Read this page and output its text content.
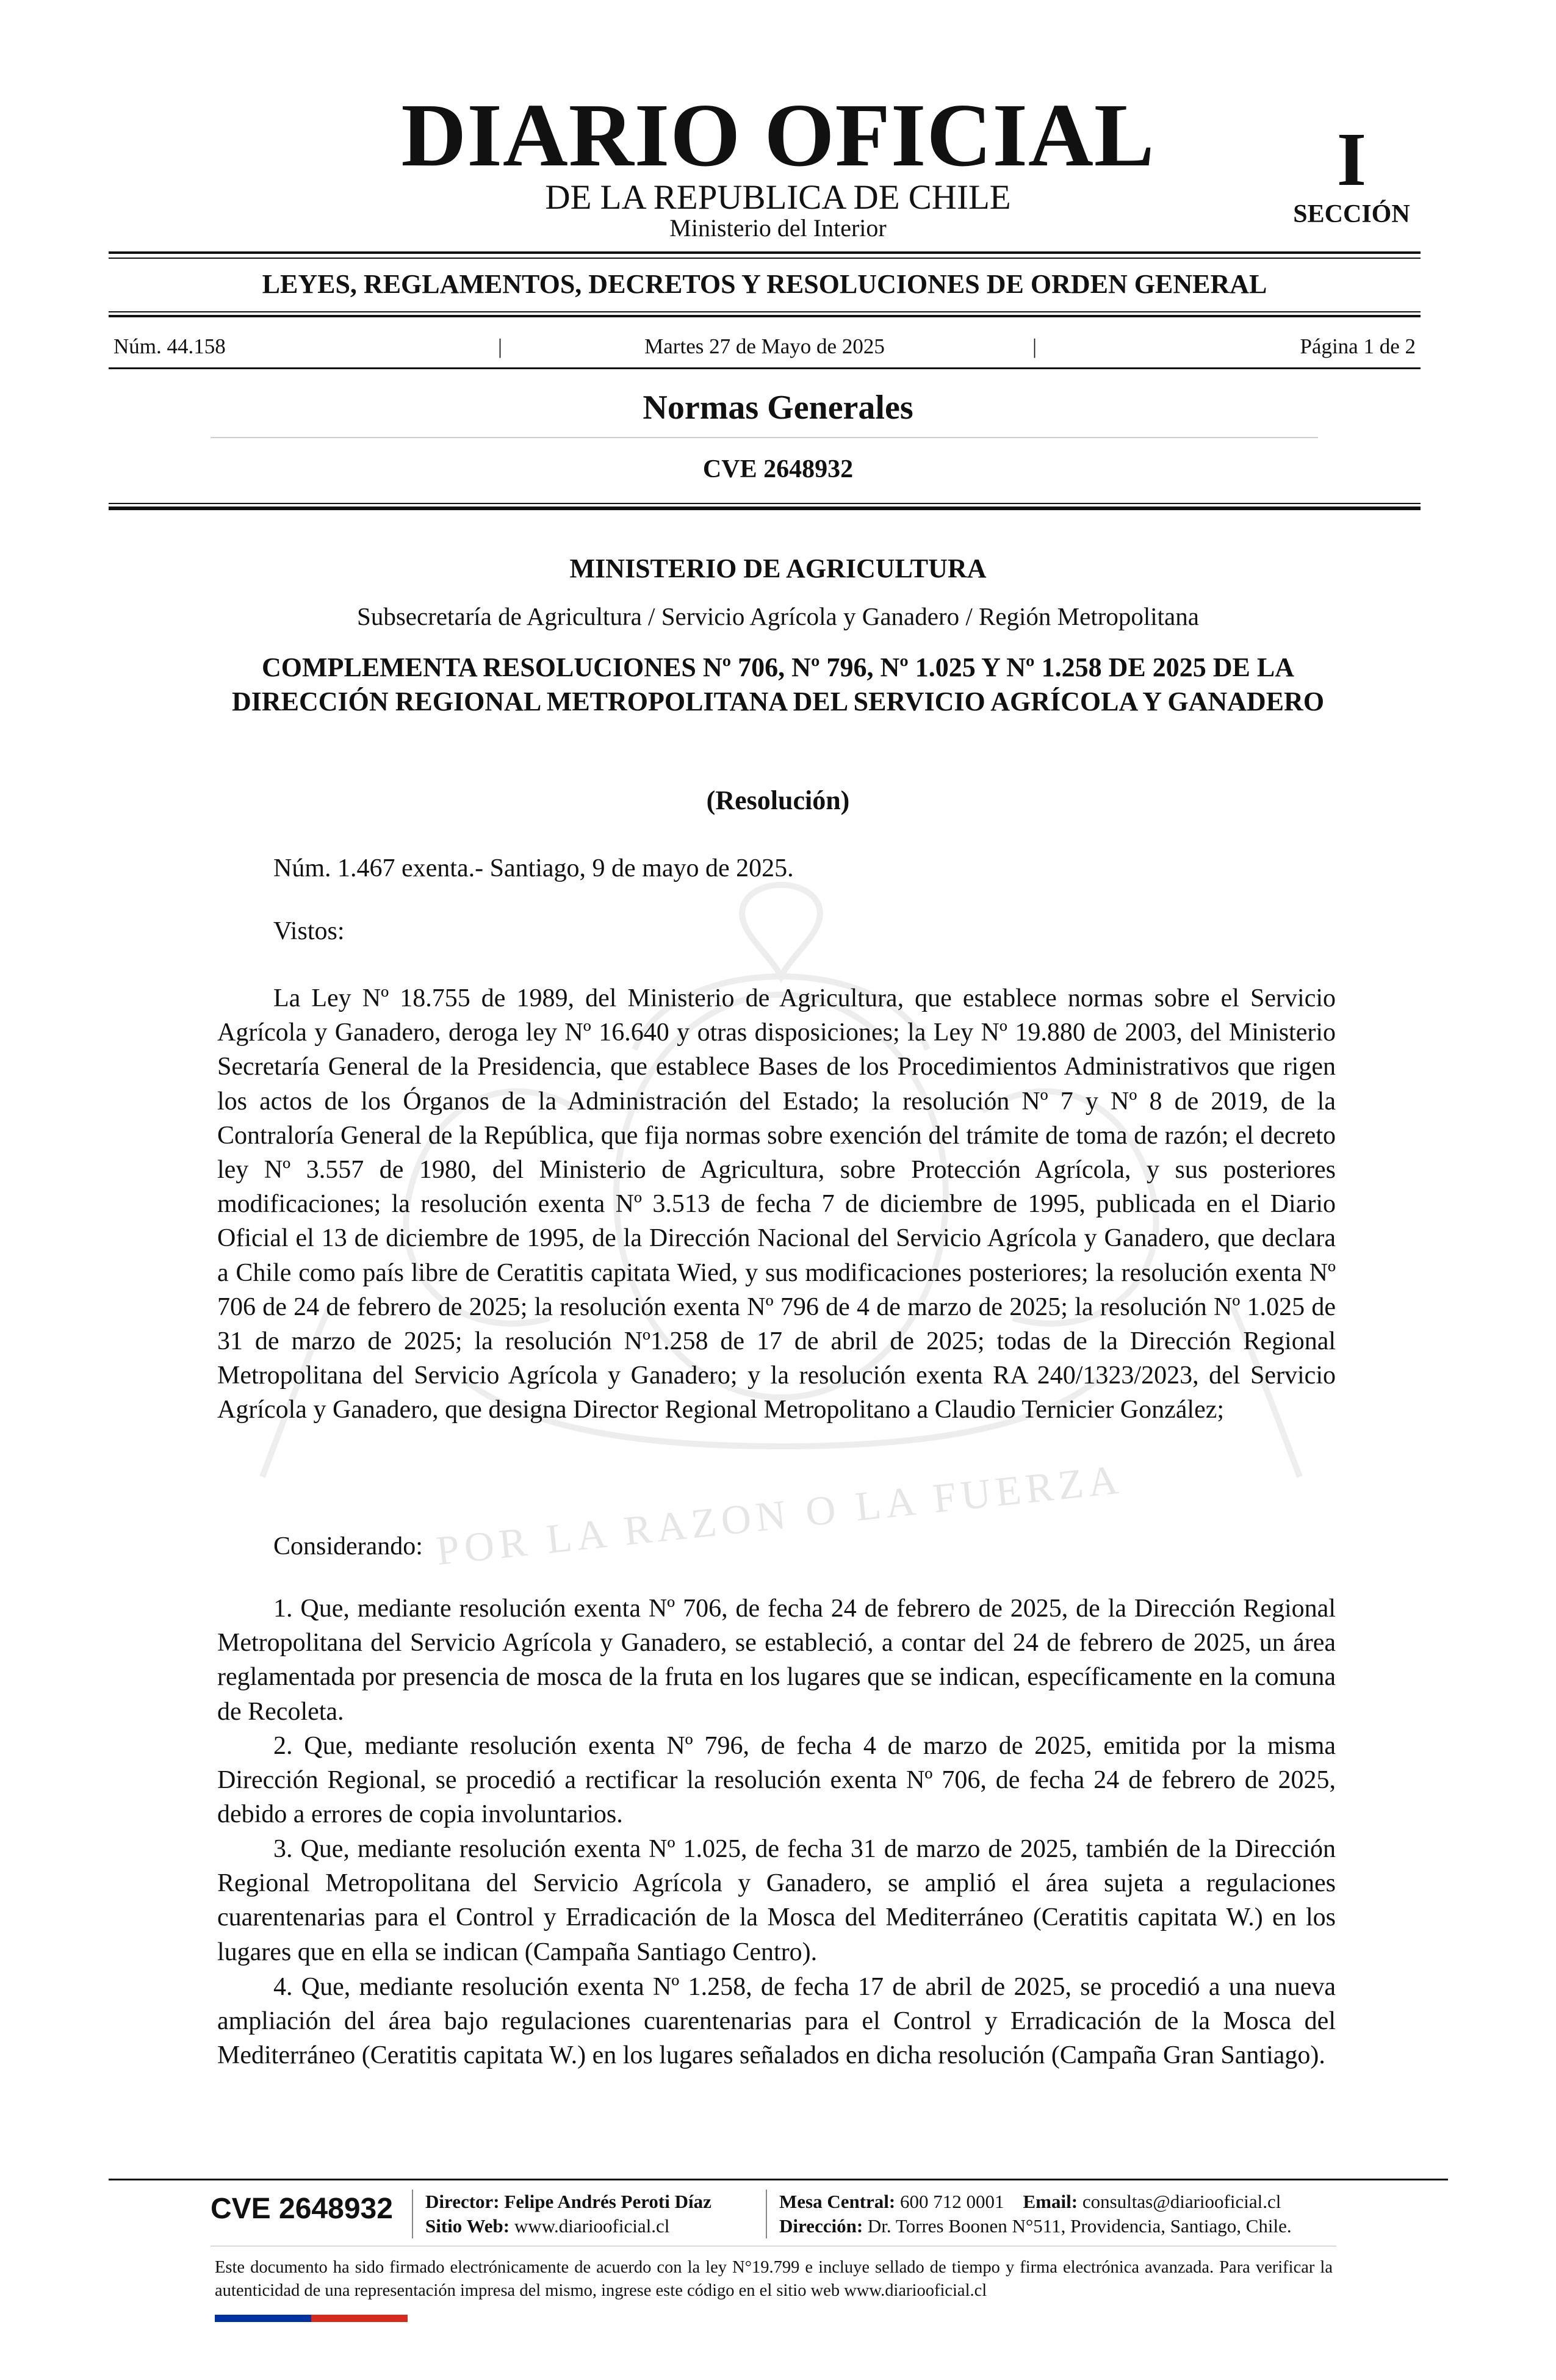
POR LA RAZON O LA FUERZA
DIARIO OFICIAL
DE LA REPUBLICA DE CHILE
Ministerio del Interior
I
SECCIÓN
LEYES, REGLAMENTOS, DECRETOS Y RESOLUCIONES DE ORDEN GENERAL
Núm. 44.158	|	Martes 27 de Mayo de 2025	|	Página 1 de 2
Normas Generales
CVE 2648932
MINISTERIO DE AGRICULTURA
Subsecretaría de Agricultura / Servicio Agrícola y Ganadero / Región Metropolitana
COMPLEMENTA RESOLUCIONES Nº 706, Nº 796, Nº 1.025 Y Nº 1.258 DE 2025 DE LA DIRECCIÓN REGIONAL METROPOLITANA DEL SERVICIO AGRÍCOLA Y GANADERO
(Resolución)
Núm. 1.467 exenta.- Santiago, 9 de mayo de 2025.
Vistos:

La Ley Nº 18.755 de 1989, del Ministerio de Agricultura, que establece normas sobre el Servicio Agrícola y Ganadero, deroga ley Nº 16.640 y otras disposiciones; la Ley Nº 19.880 de 2003, del Ministerio Secretaría General de la Presidencia, que establece Bases de los Procedimientos Administrativos que rigen los actos de los Órganos de la Administración del Estado; la resolución Nº 7 y Nº 8 de 2019, de la Contraloría General de la República, que fija normas sobre exención del trámite de toma de razón; el decreto ley Nº 3.557 de 1980, del Ministerio de Agricultura, sobre Protección Agrícola, y sus posteriores modificaciones; la resolución exenta Nº 3.513 de fecha 7 de diciembre de 1995, publicada en el Diario Oficial el 13 de diciembre de 1995, de la Dirección Nacional del Servicio Agrícola y Ganadero, que declara a Chile como país libre de Ceratitis capitata Wied, y sus modificaciones posteriores; la resolución exenta Nº 706 de 24 de febrero de 2025; la resolución exenta Nº 796 de 4 de marzo de 2025; la resolución Nº 1.025 de 31 de marzo de 2025; la resolución Nº1.258 de 17 de abril de 2025; todas de la Dirección Regional Metropolitana del Servicio Agrícola y Ganadero; y la resolución exenta RA 240/1323/2023, del Servicio Agrícola y Ganadero, que designa Director Regional Metropolitano a Claudio Ternicier González;

Considerando:

1. Que, mediante resolución exenta Nº 706, de fecha 24 de febrero de 2025, de la Dirección Regional Metropolitana del Servicio Agrícola y Ganadero, se estableció, a contar del 24 de febrero de 2025, un área reglamentada por presencia de mosca de la fruta en los lugares que se indican, específicamente en la comuna de Recoleta.

2. Que, mediante resolución exenta Nº 796, de fecha 4 de marzo de 2025, emitida por la misma Dirección Regional, se procedió a rectificar la resolución exenta Nº 706, de fecha 24 de febrero de 2025, debido a errores de copia involuntarios.

3. Que, mediante resolución exenta Nº 1.025, de fecha 31 de marzo de 2025, también de la Dirección Regional Metropolitana del Servicio Agrícola y Ganadero, se amplió el área sujeta a regulaciones cuarentenarias para el Control y Erradicación de la Mosca del Mediterráneo (Ceratitis capitata W.) en los lugares que en ella se indican (Campaña Santiago Centro).

4. Que, mediante resolución exenta Nº 1.258, de fecha 17 de abril de 2025, se procedió a una nueva ampliación del área bajo regulaciones cuarentenarias para el Control y Erradicación de la Mosca del Mediterráneo (Ceratitis capitata W.) en los lugares señalados en dicha resolución (Campaña Gran Santiago).

CVE 2648932 Director: Felipe Andrés Peroti Díaz
Sitio Web: www.diariooficial.cl
Mesa Central: 600 712 0001 Email: consultas@diariooficial.cl
Dirección: Dr. Torres Boonen N°511, Providencia, Santiago, Chile.

Este documento ha sido firmado electrónicamente de acuerdo con la ley N°19.799 e incluye sellado de tiempo y firma electrónica avanzada. Para verificar la autenticidad de una representación impresa del mismo, ingrese este código en el sitio web www.diariooficial.cl
